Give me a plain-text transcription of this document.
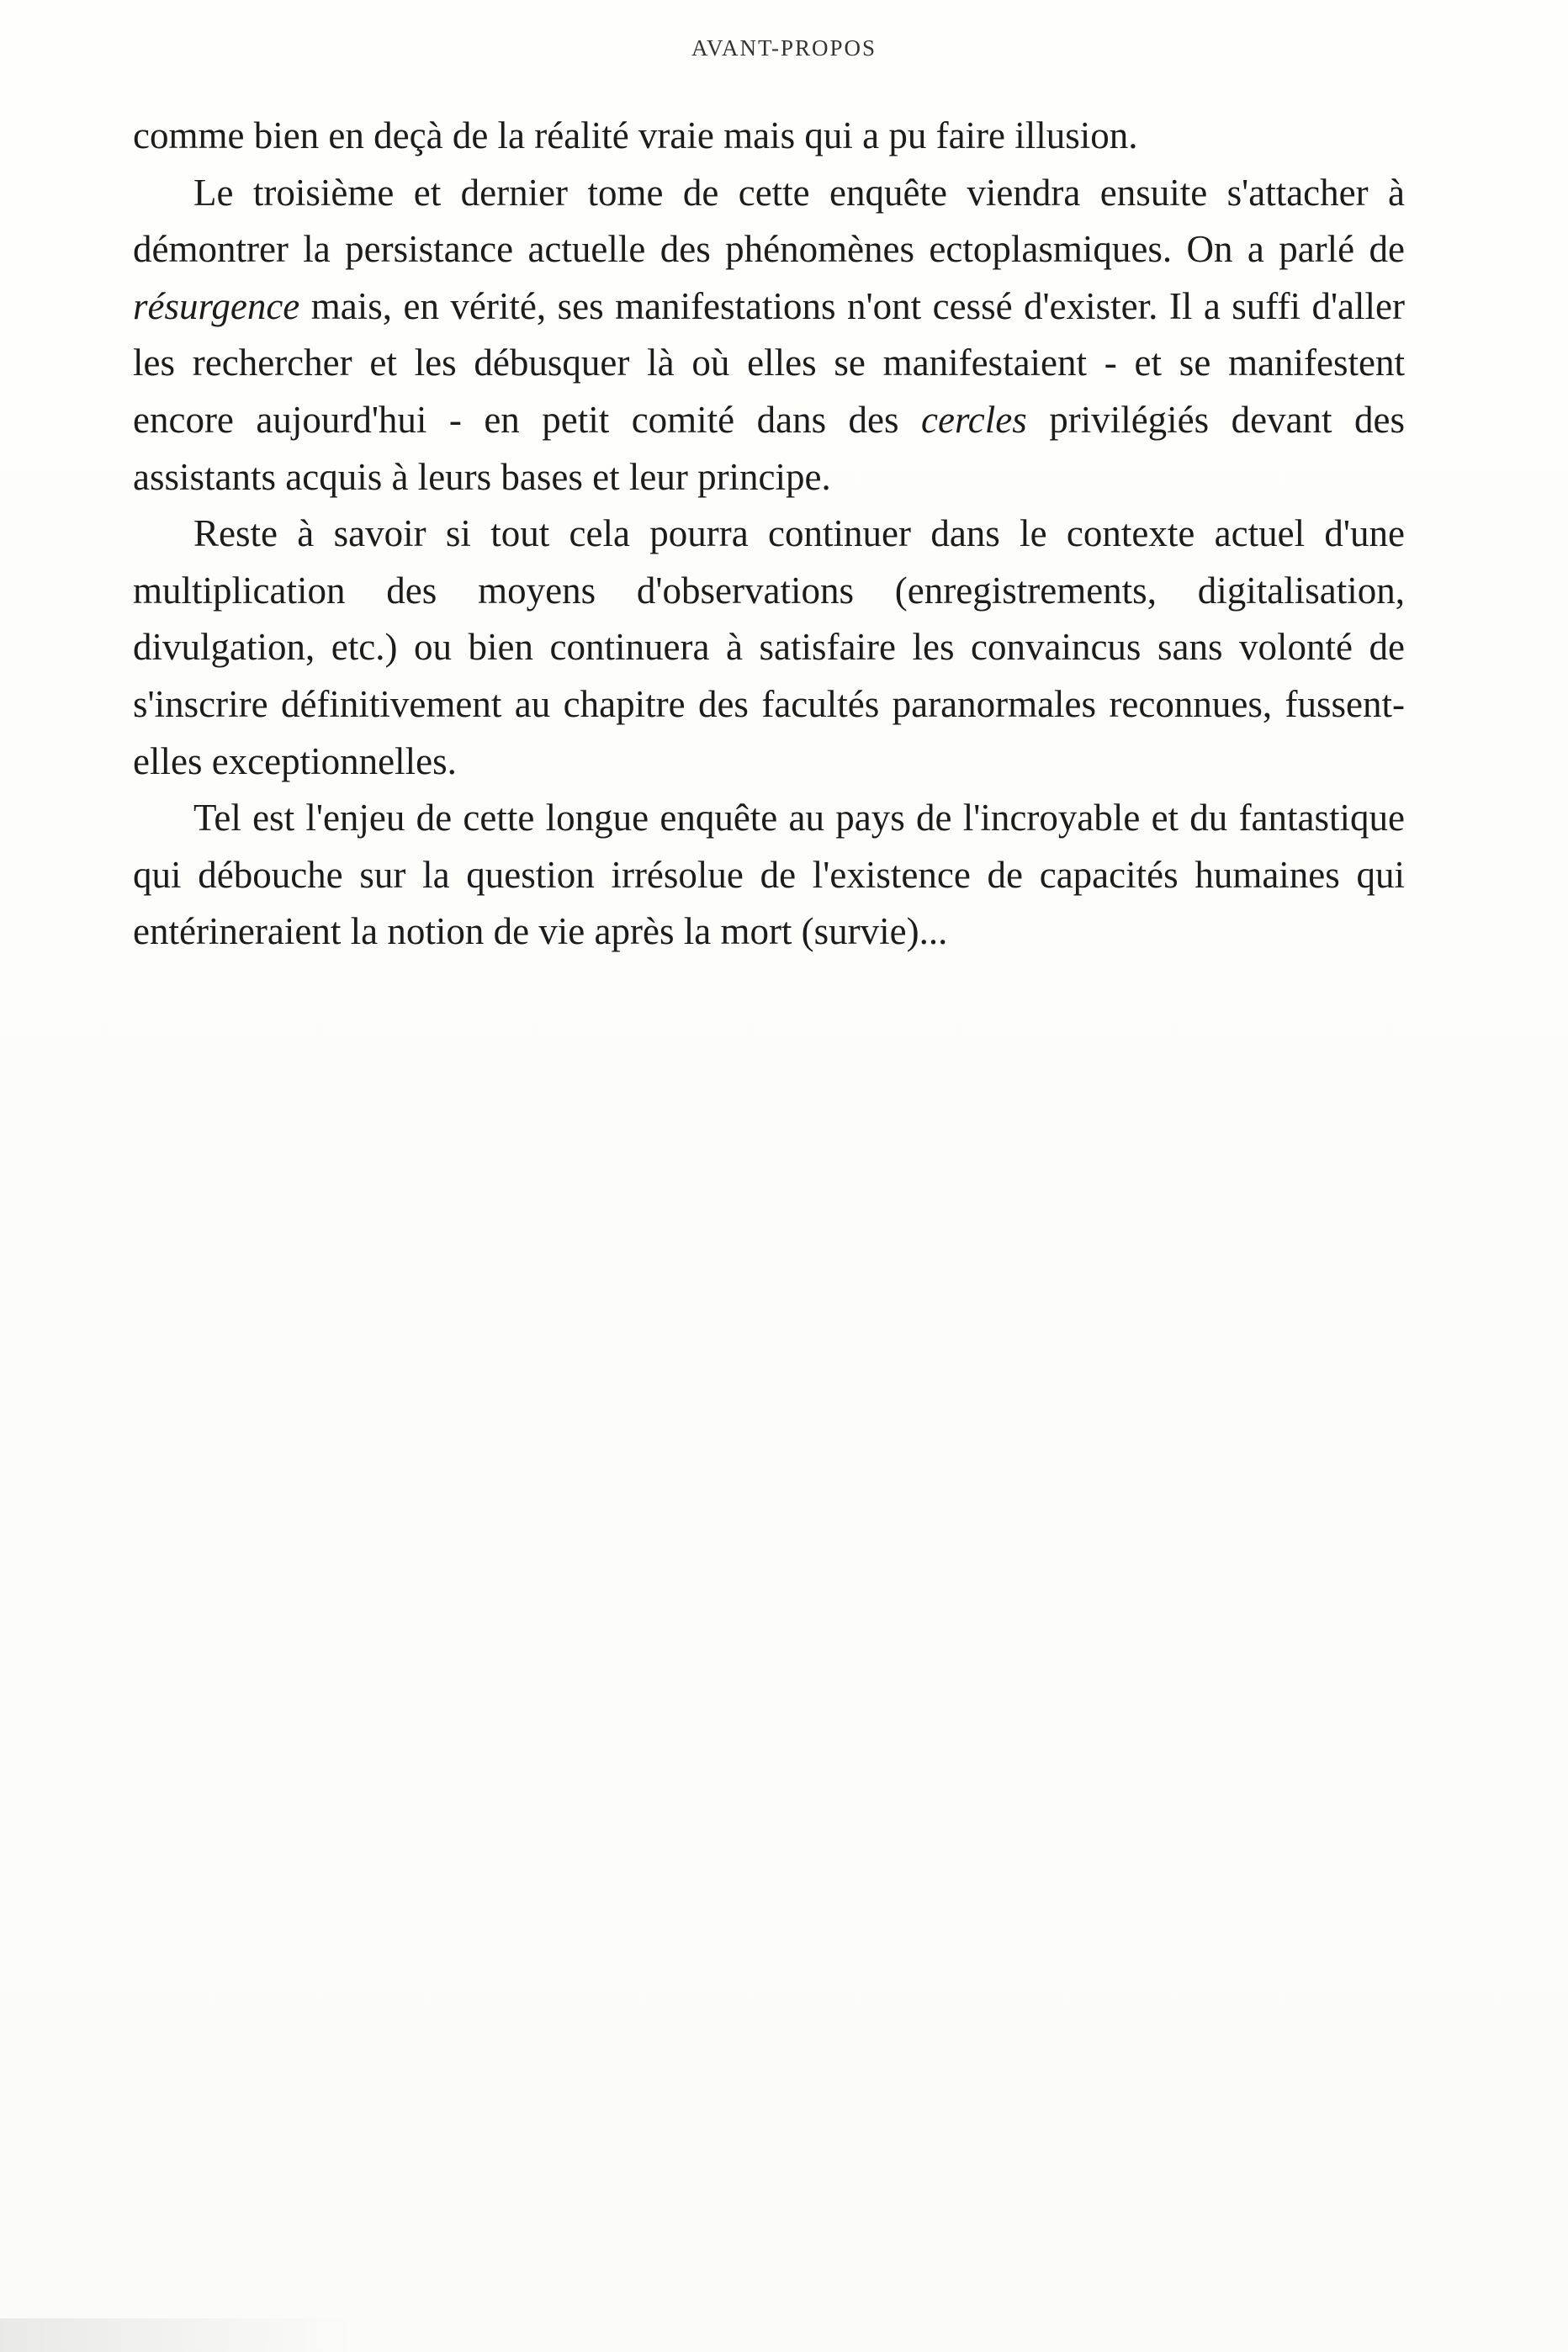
AVANT-PROPOS

comme bien en deçà de la réalité vraie mais qui a pu faire illusion.

Le troisième et dernier tome de cette enquête viendra ensuite s'attacher à démontrer la persistance actuelle des phénomènes ectoplasmiques. On a parlé de résurgence mais, en vérité, ses manifestations n'ont cessé d'exister. Il a suffi d'aller les rechercher et les débusquer là où elles se manifestaient - et se manifestent encore aujourd'hui - en petit comité dans des cercles privilégiés devant des assistants acquis à leurs bases et leur principe.

Reste à savoir si tout cela pourra continuer dans le contexte actuel d'une multiplication des moyens d'observations (enregistrements, digitalisation, divulgation, etc.) ou bien continuera à satisfaire les convaincus sans volonté de s'inscrire définitivement au chapitre des facultés paranormales reconnues, fussent-elles exceptionnelles.

Tel est l'enjeu de cette longue enquête au pays de l'incroyable et du fantastique qui débouche sur la question irrésolue de l'existence de capacités humaines qui entérineraient la notion de vie après la mort (survie)...
